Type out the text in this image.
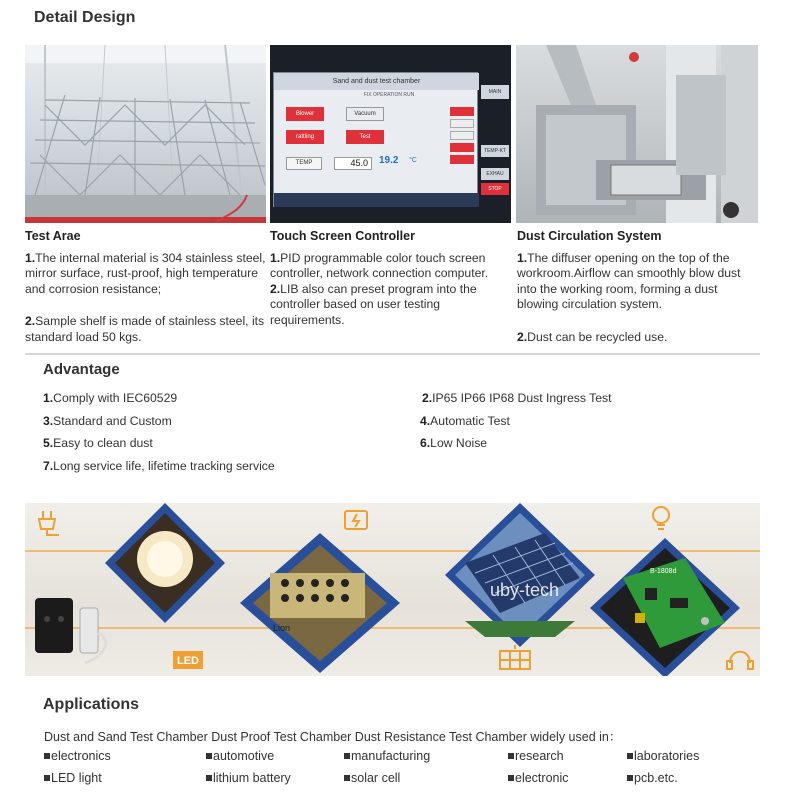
Detail Design
Sand and dust test chamber
FIX OPERATION RUN
Blower	Vacuum
rattling	Test
TEMP	45.0	19.2 °C
MAIN
TEMP-KT
EXHAU
STOP
Test Arae

1.The internal material is 304 stainless steel, mirror surface, rust-proof, high temperature and corrosion resistance;

2.Sample shelf is made of stainless steel, its standard load 50 kgs.

Touch Screen Controller

1.PID programmable color touch screen controller, network connection computer.

2.LIB also can preset program into the controller based on user testing requirements.

Dust Circulation System

1.The diffuser opening on the top of the workroom.Airflow can smoothly blow dust into the working room, forming a dust blowing circulation system.

2.Dust can be recycled use.

Advantage
1.Comply with IEC60529	2.IP65 IP66 IP68 Dust Ingress Test
3.Standard and Custom	4.Automatic Test
5.Easy to clean dust	6.Low Noise
7.Long service life, lifetime tracking service
LED
Lion
B-1808d
uby-tech
Applications
Dust and Sand Test Chamber Dust Proof Test Chamber Dust Resistance Test Chamber widely used in：
electronics	automotive	manufacturing	research	laboratories
LED light	lithium battery	solar cell	electronic	pcb.etc.
